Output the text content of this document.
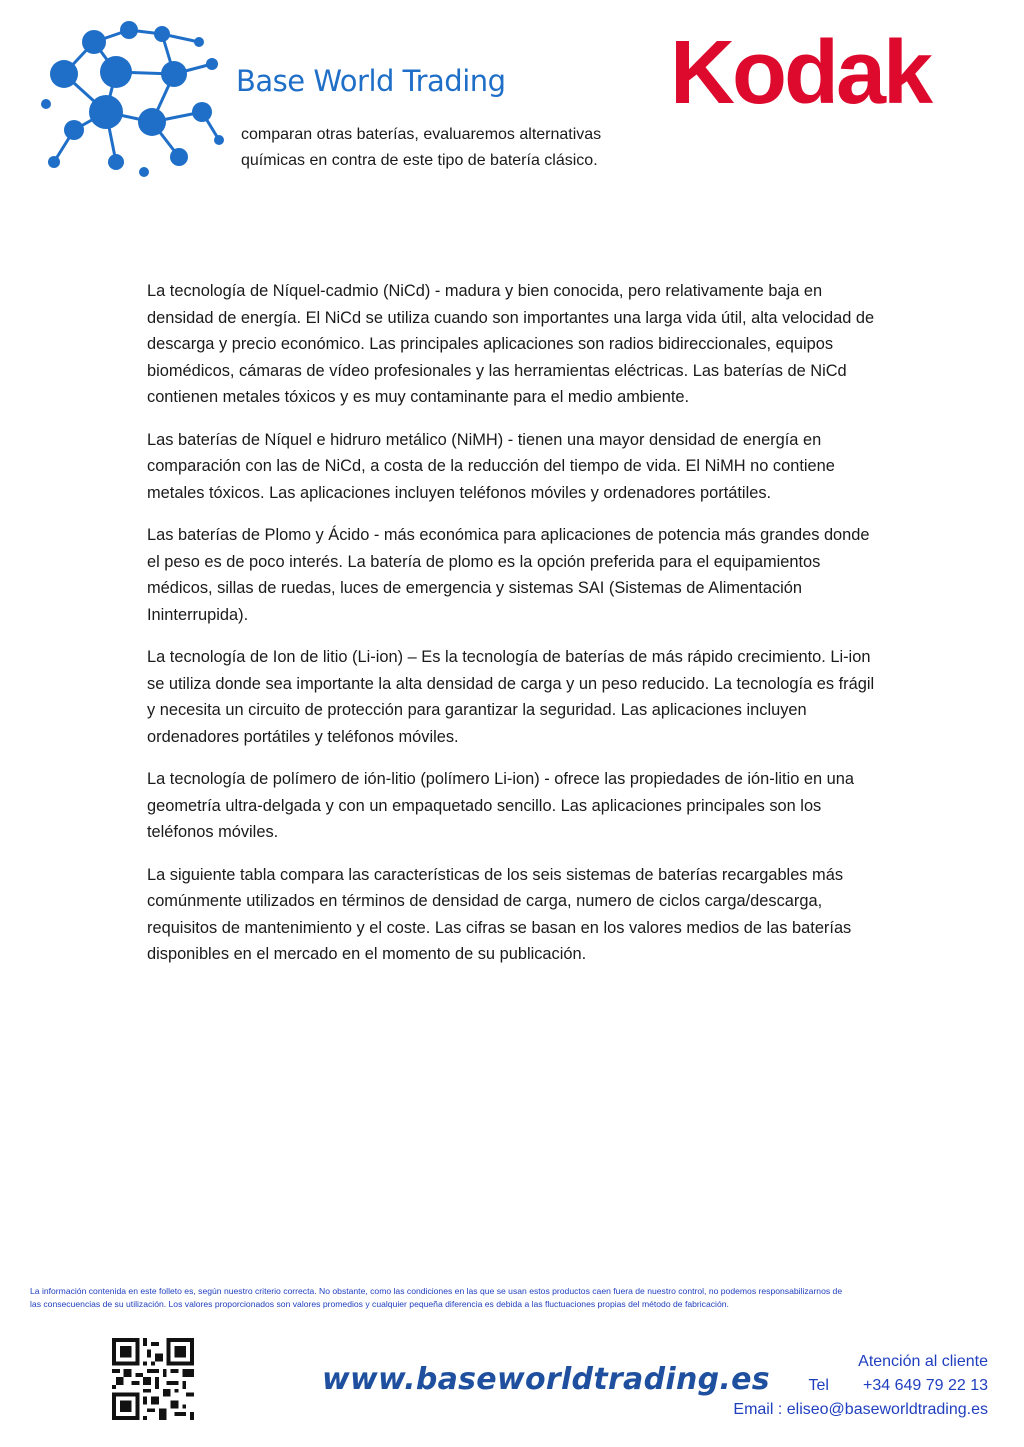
Base World Trading

comparan otras baterías, evaluaremos alternativas

químicas en contra de este tipo de batería clásico.

Kodak

La tecnología de Níquel-cadmio (NiCd) - madura y bien conocida, pero relativamente baja en densidad de energía. El NiCd se utiliza cuando son importantes una larga vida útil, alta velocidad de descarga y precio económico. Las principales aplicaciones son radios bidireccionales, equipos biomédicos, cámaras de vídeo profesionales y las herramientas eléctricas. Las baterías de NiCd contienen metales tóxicos y es muy contaminante para el medio ambiente.

Las baterías de Níquel e hidruro metálico (NiMH) - tienen una mayor densidad de energía en comparación con las de NiCd, a costa de la reducción del tiempo de vida. El NiMH no contiene metales tóxicos. Las aplicaciones incluyen teléfonos móviles y ordenadores portátiles.

Las baterías de Plomo y Ácido - más económica para aplicaciones de potencia más grandes donde el peso es de poco interés. La batería de plomo es la opción preferida para el equipamientos médicos, sillas de ruedas, luces de emergencia y sistemas SAI (Sistemas de Alimentación Ininterrupida).

La tecnología de Ion de litio (Li-ion) – Es la tecnología de baterías de más rápido crecimiento. Li-ion se utiliza donde sea importante la alta densidad de carga y un peso reducido. La tecnología es frágil y necesita un circuito de protección para garantizar la seguridad. Las aplicaciones incluyen ordenadores portátiles y teléfonos móviles.

La tecnología de polímero de ión-litio (polímero Li-ion) - ofrece las propiedades de ión-litio en una geometría ultra-delgada y con un empaquetado sencillo. Las aplicaciones principales son los teléfonos móviles.

La siguiente tabla compara las características de los seis sistemas de baterías recargables más comúnmente utilizados en términos de densidad de carga, numero de ciclos carga/descarga, requisitos de mantenimiento y el coste. Las cifras se basan en los valores medios de las baterías disponibles en el mercado en el momento de su publicación.

La información contenida en este folleto es, según nuestro criterio correcta. No obstante, como las condiciones en las que se usan estos productos caen fuera de nuestro control, no podemos responsabilizarnos de

las consecuencias de su utilización. Los valores proporcionados son valores promedios y cualquier pequeña diferencia es debida a las fluctuaciones propias del método de fabricación.

www.baseworldtrading.es
Atención al cliente
Tel +34 649 79 22 13
Email : eliseo@baseworldtrading.es
